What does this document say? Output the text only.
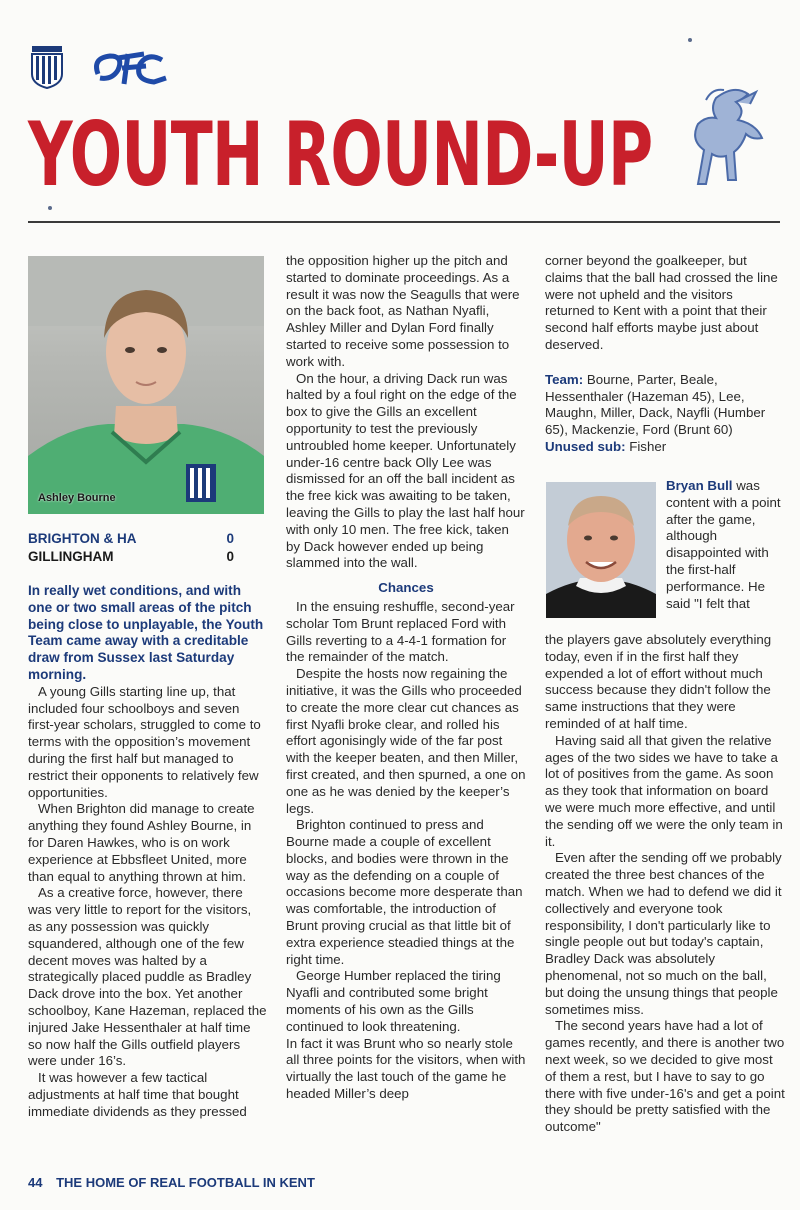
YOUTH ROUND-UP
Ashley Bourne
BRIGHTON & HA	0
GILLINGHAM	0

In really wet conditions, and with one or two small areas of the pitch being close to unplayable, the Youth Team came away with a creditable draw from Sussex last Saturday morning.

A young Gills starting line up, that included four schoolboys and seven first-year scholars, struggled to come to terms with the opposition’s movement during the first half but managed to restrict their opponents to relatively few opportunities.

When Brighton did manage to create anything they found Ashley Bourne, in for Daren Hawkes, who is on work experience at Ebbsfleet United, more than equal to anything thrown at him.

As a creative force, however, there was very little to report for the visitors, as any possession was quickly squandered, although one of the few decent moves was halted by a strategically placed puddle as Bradley Dack drove into the box. Yet another schoolboy, Kane Hazeman, replaced the injured Jake Hessenthaler at half time so now half the Gills outfield players were under 16’s.

It was however a few tactical adjustments at half time that bought immediate dividends as they pressed

the opposition higher up the pitch and started to dominate proceedings. As a result it was now the Seagulls that were on the back foot, as Nathan Nyafli, Ashley Miller and Dylan Ford finally started to receive some possession to work with.

On the hour, a driving Dack run was halted by a foul right on the edge of the box to give the Gills an excellent opportunity to test the previously untroubled home keeper. Unfortunately under-16 centre back Olly Lee was dismissed for an off the ball incident as the free kick was awaiting to be taken, leaving the Gills to play the last half hour with only 10 men. The free kick, taken by Dack however ended up being slammed into the wall.

Chances

In the ensuing reshuffle, second-year scholar Tom Brunt replaced Ford with Gills reverting to a 4-4-1 formation for the remainder of the match.

Despite the hosts now regaining the initiative, it was the Gills who proceeded to create the more clear cut chances as first Nyafli broke clear, and rolled his effort agonisingly wide of the far post with the keeper beaten, and then Miller, first created, and then spurned, a one on one as he was denied by the keeper’s legs.

Brighton continued to press and Bourne made a couple of excellent blocks, and bodies were thrown in the way as the defending on a couple of occasions become more desperate than was comfortable, the introduction of Brunt proving crucial as that little bit of extra experience steadied things at the right time.

George Humber replaced the tiring Nyafli and contributed some bright moments of his own as the Gills continued to look threatening.

In fact it was Brunt who so nearly stole all three points for the visitors, when with virtually the last touch of the game he headed Miller’s deep

corner beyond the goalkeeper, but claims that the ball had crossed the line were not upheld and the visitors returned to Kent with a point that their second half efforts maybe just about deserved.

Team: Bourne, Parter, Beale, Hessenthaler (Hazeman 45), Lee, Maughn, Miller, Dack, Nayfli (Humber 65), Mackenzie, Ford (Brunt 60)

Unused sub: Fisher

Bryan Bull was content with a point after the game, although disappointed with the first-half performance. He said "I felt that

the players gave absolutely everything today, even if in the first half they expended a lot of effort without much success because they didn't follow the same instructions that they were reminded of at half time.

Having said all that given the relative ages of the two sides we have to take a lot of positives from the game. As soon as they took that information on board we were much more effective, and until the sending off we were the only team in it.

Even after the sending off we probably created the three best chances of the match. When we had to defend we did it collectively and everyone took responsibility, I don't particularly like to single people out but today's captain, Bradley Dack was absolutely phenomenal, not so much on the ball, but doing the unsung things that people sometimes miss.

The second years have had a lot of games recently, and there is another two next week, so we decided to give most of them a rest, but I have to say to go there with five under-16's and get a point they should be pretty satisfied with the outcome"

44 THE HOME OF REAL FOOTBALL IN KENT
